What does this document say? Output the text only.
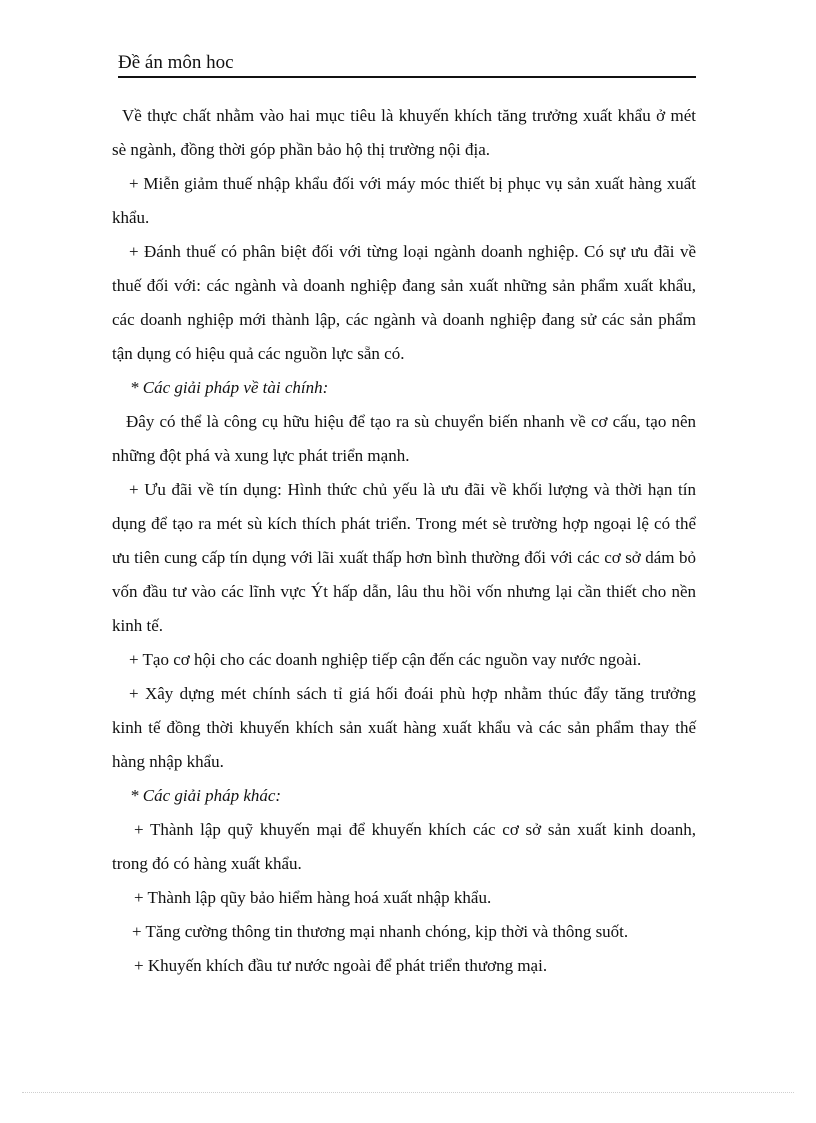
Đề án môn hoc

Về thực chất nhằm vào hai mục tiêu là khuyến khích tăng trưởng xuất khẩu ở mét sè ngành, đồng thời góp phần bảo hộ thị trường nội địa.

+ Miễn giảm thuế nhập khẩu đối với máy móc thiết bị phục vụ sản xuất hàng xuất khẩu.

+ Đánh thuế có phân biệt đối với từng loại ngành doanh nghiệp. Có sự ưu đãi về thuế đối với: các ngành và doanh nghiệp đang sản xuất những sản phẩm xuất khẩu, các doanh nghiệp mới thành lập, các ngành và doanh nghiệp đang sử các sản phẩm tận dụng có hiệu quả các nguồn lực sẵn có.

* Các giải pháp về tài chính:

Đây có thể là công cụ hữu hiệu để tạo ra sù chuyển biến nhanh về cơ cấu, tạo nên những đột phá và xung lực phát triển mạnh.

+ Ưu đãi về tín dụng: Hình thức chủ yếu là ưu đãi về khối lượng và thời hạn tín dụng để tạo ra mét sù kích thích phát triển. Trong mét sè trường hợp ngoại lệ có thể ưu tiên cung cấp tín dụng với lãi xuất thấp hơn bình thường đối với các cơ sở dám bỏ vốn đầu tư vào các lĩnh vực Ýt hấp dẫn, lâu thu hồi vốn nhưng lại cần thiết cho nền kinh tế.

+ Tạo cơ hội cho các doanh nghiệp tiếp cận đến các nguồn vay nước ngoài.

+ Xây dựng mét chính sách tỉ giá hối đoái phù hợp nhằm thúc đẩy tăng trưởng kinh tế đồng thời khuyến khích sản xuất hàng xuất khẩu và các sản phẩm thay thế hàng nhập khẩu.

* Các giải pháp khác:

+ Thành lập quỹ khuyến mại để khuyến khích các cơ sở sản xuất kinh doanh, trong đó có hàng xuất khẩu.

+ Thành lập qũy bảo hiểm hàng hoá xuất nhập khẩu.

+ Tăng cường thông tin thương mại nhanh chóng, kịp thời và thông suốt.

+ Khuyến khích đầu tư nước ngoài để phát triển thương mại.
